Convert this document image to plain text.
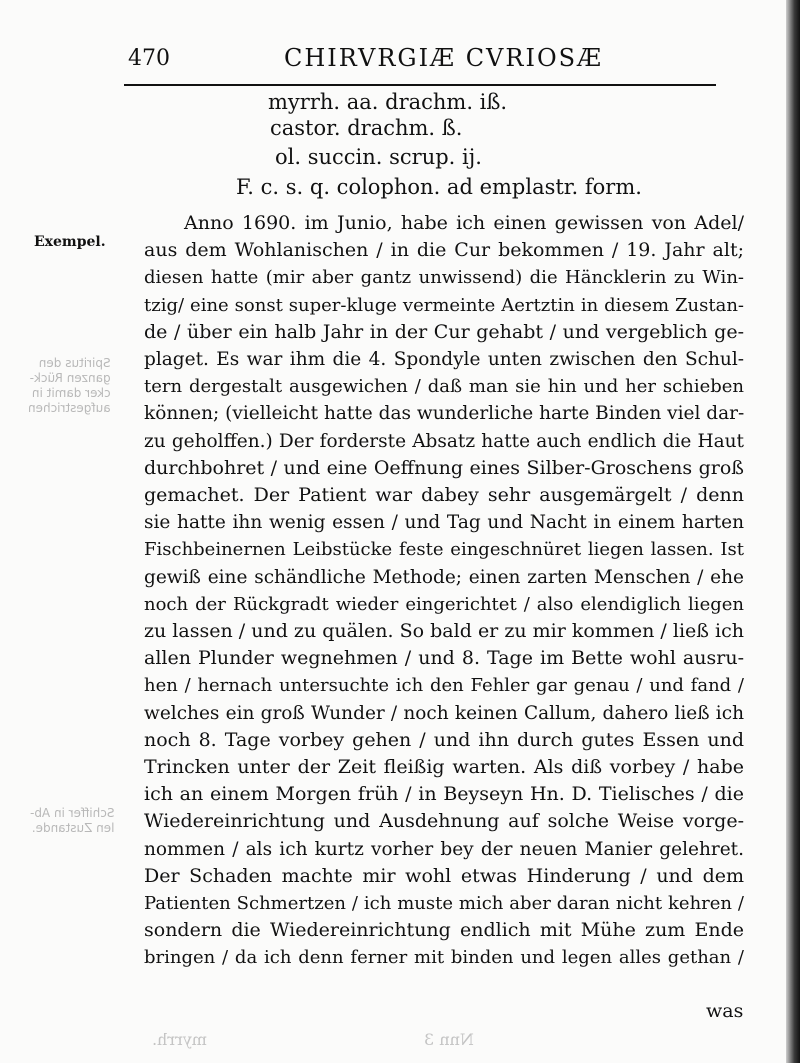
470	CHIRVRGIÆ CVRIOSÆ
myrrh. aa. drachm. iß.
castor. drachm. ß.
ol. succin. scrup. ij.
F. c. s. q. colophon. ad emplastr. form.
Exempel.
Spiritus den
ganzen Rück-
cker damit in
aufgestrichen
Schiffer in Ab-
len Zustande.
Anno 1690. im Junio, habe ich einen gewissen von Adel/
aus dem Wohlanischen / in die Cur bekommen / 19. Jahr alt;
diesen hatte (mir aber gantz unwissend) die Häncklerin zu Win-
tzig/ eine sonst super-kluge vermeinte Aertztin in diesem Zustan-
de / über ein halb Jahr in der Cur gehabt / und vergeblich ge-
plaget. Es war ihm die 4. Spondyle unten zwischen den Schul-
tern dergestalt ausgewichen / daß man sie hin und her schieben
können; (vielleicht hatte das wunderliche harte Binden viel dar-
zu geholffen.) Der forderste Absatz hatte auch endlich die Haut
durchbohret / und eine Oeffnung eines Silber-Groschens groß
gemachet. Der Patient war dabey sehr ausgemärgelt / denn
sie hatte ihn wenig essen / und Tag und Nacht in einem harten
Fischbeinernen Leibstücke feste eingeschnüret liegen lassen. Ist
gewiß eine schändliche Methode; einen zarten Menschen / ehe
noch der Rückgradt wieder eingerichtet / also elendiglich liegen
zu lassen / und zu quälen. So bald er zu mir kommen / ließ ich
allen Plunder wegnehmen / und 8. Tage im Bette wohl ausru-
hen / hernach untersuchte ich den Fehler gar genau / und fand /
welches ein groß Wunder / noch keinen Callum, dahero ließ ich
noch 8. Tage vorbey gehen / und ihn durch gutes Essen und
Trincken unter der Zeit fleißig warten. Als diß vorbey / habe
ich an einem Morgen früh / in Beyseyn Hn. D. Tielisches / die
Wiedereinrichtung und Ausdehnung auf solche Weise vorge-
nommen / als ich kurtz vorher bey der neuen Manier gelehret.
Der Schaden machte mir wohl etwas Hinderung / und dem
Patienten Schmertzen / ich muste mich aber daran nicht kehren /
sondern die Wiedereinrichtung endlich mit Mühe zum Ende
bringen / da ich denn ferner mit binden und legen alles gethan /
was
myrrh.	Nnn 3
